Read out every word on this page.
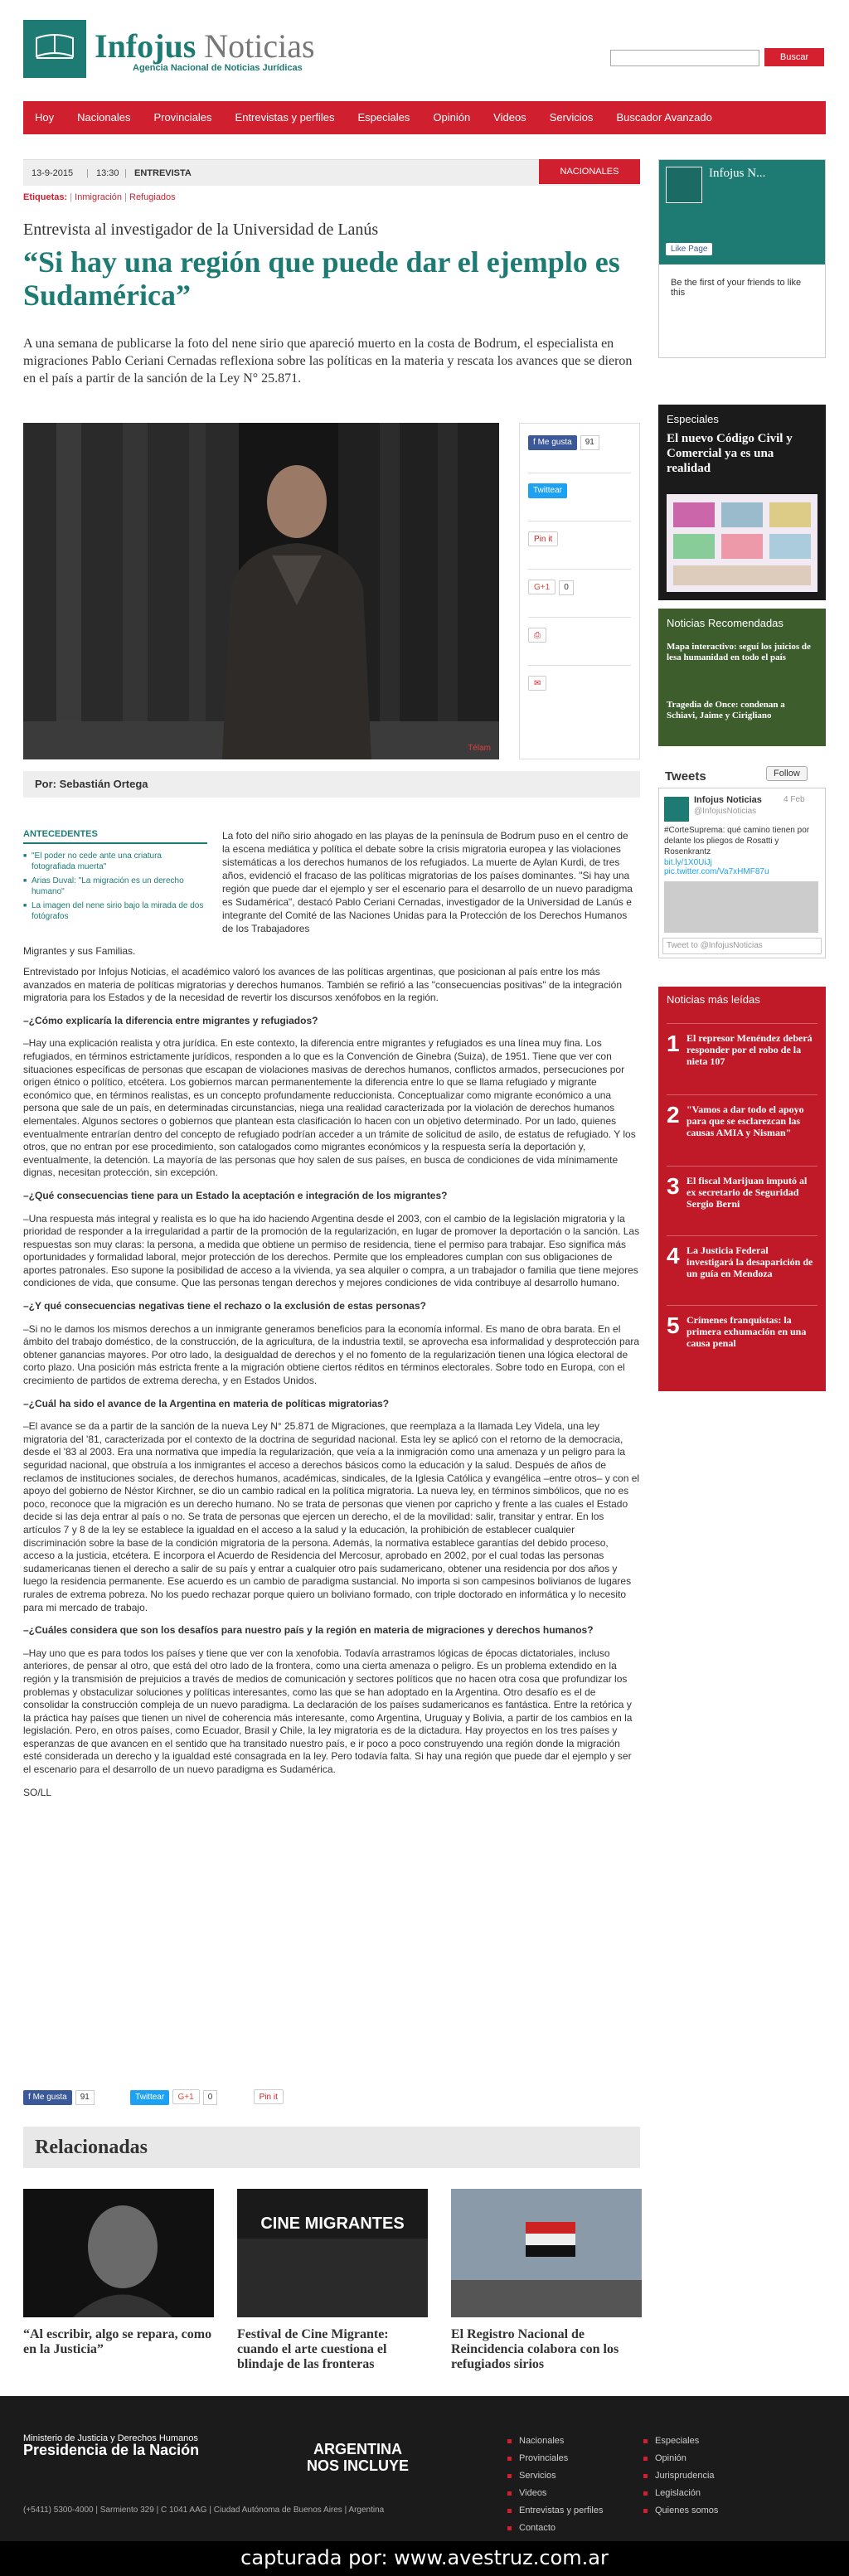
Infojus Noticias
Agencia Nacional de Noticias Jurídicas
Buscar
Hoy	Nacionales	Provinciales	Entrevistas y perfiles	Especiales	Opinión	Videos	Servicios	Buscador Avanzado
13-9-2015 | 13:30 | ENTREVISTA	NACIONALES
Etiquetas: | Inmigración | Refugiados
Entrevista al investigador de la Universidad de Lanús
“Si hay una región que puede dar el ejemplo es Sudamérica”
A una semana de publicarse la foto del nene sirio que apareció muerto en la costa de Bodrum, el especialista en migraciones Pablo Ceriani Cernadas reflexiona sobre las políticas en la materia y rescata los avances que se dieron en el país a partir de la sanción de la Ley N° 25.871.
Télam
f Me gusta 91
Twittear
Pin it
G+1 0
⎙
✉
Por: Sebastián Ortega
ANTECEDENTES
■ "El poder no cede ante una criatura fotografiada muerta"
■ Arias Duval: "La migración es un derecho humano"
■ La imagen del nene sirio bajo la mirada de dos fotógrafos
La foto del niño sirio ahogado en las playas de la península de Bodrum puso en el centro de la escena mediática y política el debate sobre la crisis migratoria europea y las violaciones sistemáticas a los derechos humanos de los refugiados. La muerte de Aylan Kurdi, de tres años, evidenció el fracaso de las políticas migratorias de los países dominantes. "Si hay una región que puede dar el ejemplo y ser el escenario para el desarrollo de un nuevo paradigma es Sudamérica", destacó Pablo Ceriani Cernadas, investigador de la Universidad de Lanús e integrante del Comité de las Naciones Unidas para la Protección de los Derechos Humanos de los Trabajadores
Migrantes y sus Familias.

Entrevistado por Infojus Noticias, el académico valoró los avances de las políticas argentinas, que posicionan al país entre los más avanzados en materia de políticas migratorias y derechos humanos. También se refirió a las "consecuencias positivas" de la integración migratoria para los Estados y de la necesidad de revertir los discursos xenófobos en la región.

–¿Cómo explicaría la diferencia entre migrantes y refugiados?

–Hay una explicación realista y otra jurídica. En este contexto, la diferencia entre migrantes y refugiados es una línea muy fina. Los refugiados, en términos estrictamente jurídicos, responden a lo que es la Convención de Ginebra (Suiza), de 1951. Tiene que ver con situaciones específicas de personas que escapan de violaciones masivas de derechos humanos, conflictos armados, persecuciones por origen étnico o político, etcétera. Los gobiernos marcan permanentemente la diferencia entre lo que se llama refugiado y migrante económico que, en términos realistas, es un concepto profundamente reduccionista. Conceptualizar como migrante económico a una persona que sale de un país, en determinadas circunstancias, niega una realidad caracterizada por la violación de derechos humanos elementales. Algunos sectores o gobiernos que plantean esta clasificación lo hacen con un objetivo determinado. Por un lado, quienes eventualmente entrarían dentro del concepto de refugiado podrían acceder a un trámite de solicitud de asilo, de estatus de refugiado. Y los otros, que no entran por ese procedimiento, son catalogados como migrantes económicos y la respuesta sería la deportación y, eventualmente, la detención. La mayoría de las personas que hoy salen de sus países, en busca de condiciones de vida mínimamente dignas, necesitan protección, sin excepción.

–¿Qué consecuencias tiene para un Estado la aceptación e integración de los migrantes?

–Una respuesta más integral y realista es lo que ha ido haciendo Argentina desde el 2003, con el cambio de la legislación migratoria y la prioridad de responder a la irregularidad a partir de la promoción de la regularización, en lugar de promover la deportación o la sanción. Las respuestas son muy claras: la persona, a medida que obtiene un permiso de residencia, tiene el permiso para trabajar. Eso significa más oportunidades y formalidad laboral, mejor protección de los derechos. Permite que los empleadores cumplan con sus obligaciones de aportes patronales. Eso supone la posibilidad de acceso a la vivienda, ya sea alquiler o compra, a un trabajador o familia que tiene mejores condiciones de vida, que consume. Que las personas tengan derechos y mejores condiciones de vida contribuye al desarrollo humano.

–¿Y qué consecuencias negativas tiene el rechazo o la exclusión de estas personas?

–Si no le damos los mismos derechos a un inmigrante generamos beneficios para la economía informal. Es mano de obra barata. En el ámbito del trabajo doméstico, de la construcción, de la agricultura, de la industria textil, se aprovecha esa informalidad y desprotección para obtener ganancias mayores. Por otro lado, la desigualdad de derechos y el no fomento de la regularización tienen una lógica electoral de corto plazo. Una posición más estricta frente a la migración obtiene ciertos réditos en términos electorales. Sobre todo en Europa, con el crecimiento de partidos de extrema derecha, y en Estados Unidos.

–¿Cuál ha sido el avance de la Argentina en materia de políticas migratorias?

–El avance se da a partir de la sanción de la nueva Ley N° 25.871 de Migraciones, que reemplaza a la llamada Ley Videla, una ley migratoria del '81, caracterizada por el contexto de la doctrina de seguridad nacional. Esta ley se aplicó con el retorno de la democracia, desde el '83 al 2003. Era una normativa que impedía la regularización, que veía a la inmigración como una amenaza y un peligro para la seguridad nacional, que obstruía a los inmigrantes el acceso a derechos básicos como la educación y la salud. Después de años de reclamos de instituciones sociales, de derechos humanos, académicas, sindicales, de la Iglesia Católica y evangélica –entre otros– y con el apoyo del gobierno de Néstor Kirchner, se dio un cambio radical en la política migratoria. La nueva ley, en términos simbólicos, que no es poco, reconoce que la migración es un derecho humano. No se trata de personas que vienen por capricho y frente a las cuales el Estado decide si las deja entrar al país o no. Se trata de personas que ejercen un derecho, el de la movilidad: salir, transitar y entrar. En los artículos 7 y 8 de la ley se establece la igualdad en el acceso a la salud y la educación, la prohibición de establecer cualquier discriminación sobre la base de la condición migratoria de la persona. Además, la normativa establece garantías del debido proceso, acceso a la justicia, etcétera. E incorpora el Acuerdo de Residencia del Mercosur, aprobado en 2002, por el cual todas las personas sudamericanas tienen el derecho a salir de su país y entrar a cualquier otro país sudamericano, obtener una residencia por dos años y luego la residencia permanente. Ese acuerdo es un cambio de paradigma sustancial. No importa si son campesinos bolivianos de lugares rurales de extrema pobreza. No los puedo rechazar porque quiero un boliviano formado, con triple doctorado en informática y lo necesito para mi mercado de trabajo.

–¿Cuáles considera que son los desafíos para nuestro país y la región en materia de migraciones y derechos humanos?

–Hay uno que es para todos los países y tiene que ver con la xenofobia. Todavía arrastramos lógicas de épocas dictatoriales, incluso anteriores, de pensar al otro, que está del otro lado de la frontera, como una cierta amenaza o peligro. Es un problema extendido en la región y la transmisión de prejuicios a través de medios de comunicación y sectores políticos que no hacen otra cosa que profundizar los problemas y obstaculizar soluciones y políticas interesantes, como las que se han adoptado en la Argentina. Otro desafío es el de consolidar la construcción compleja de un nuevo paradigma. La declaración de los países sudamericanos es fantástica. Entre la retórica y la práctica hay países que tienen un nivel de coherencia más interesante, como Argentina, Uruguay y Bolivia, a partir de los cambios en la legislación. Pero, en otros países, como Ecuador, Brasil y Chile, la ley migratoria es de la dictadura. Hay proyectos en los tres países y esperanzas de que avancen en el sentido que ha transitado nuestro país, e ir poco a poco construyendo una región donde la migración esté considerada un derecho y la igualdad esté consagrada en la ley. Pero todavía falta. Si hay una región que puede dar el ejemplo y ser el escenario para el desarrollo de un nuevo paradigma es Sudamérica.

SO/LL

f Me gusta 91	Twittear G+1 0	Pin it
Relacionadas
“Al escribir, algo se repara, como en la Justicia”
CINE MIGRANTES
Festival de Cine Migrante: cuando el arte cuestiona el blindaje de las fronteras
El Registro Nacional de Reincidencia colabora con los refugiados sirios
Infojus N...
Like Page
Be the first of your friends to like this
Especiales
El nuevo Código Civil y Comercial ya es una realidad
Noticias Recomendadas
Mapa interactivo: seguí los juicios de lesa humanidad en todo el país
Tragedia de Once: condenan a Schiavi, Jaime y Cirigliano
Tweets	Follow
Infojus Noticias	4 Feb
@InfojusNoticias
#CorteSuprema: qué camino tienen por delante los pliegos de Rosatti y Rosenkrantz
bit.ly/1X0UiJj pic.twitter.com/Va7xHMF87u
Tweet to @InfojusNoticias
Noticias más leídas
1 El represor Menéndez deberá responder por el robo de la nieta 107
2 "Vamos a dar todo el apoyo para que se esclarezcan las causas AMIA y Nisman"
3 El fiscal Marijuan imputó al ex secretario de Seguridad Sergio Berni
4 La Justicia Federal investigará la desaparición de un guía en Mendoza
5 Crímenes franquistas: la primera exhumación en una causa penal
Ministerio de Justicia y Derechos Humanos
Presidencia de la Nación	ARGENTINA
NOS INCLUYE
(+5411) 5300-4000 | Sarmiento 329 | C 1041 AAG | Ciudad Autónoma de Buenos Aires | Argentina
Nacionales
Provinciales
Servicios
Videos
Entrevistas y perfiles
Contacto
Especiales
Opinión
Jurisprudencia
Legislación
Quienes somos
capturada por: www.avestruz.com.ar
